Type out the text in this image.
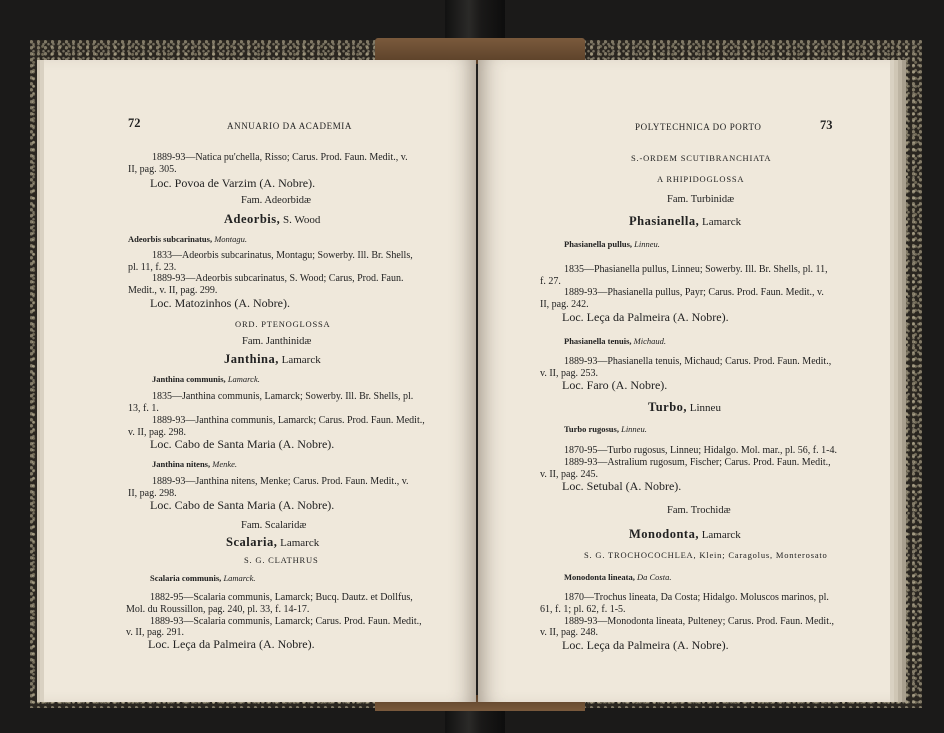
72	ANNUARIO DA ACADEMIA
1889-93—Natica pu'chella, Risso; Carus. Prod. Faun. Medit., v.
II, pag. 305.
Loc. Povoa de Varzim (A. Nobre).
Fam. Adeorbidæ
Adeorbis, S. Wood
Adeorbis subcarinatus, Montagu.
1833—Adeorbis subcarinatus, Montagu; Sowerby. Ill. Br. Shells,
pl. 11, f. 23.
1889-93—Adeorbis subcarinatus, S. Wood; Carus, Prod. Faun.
Medit., v. II, pag. 299.
Loc. Matozinhos (A. Nobre).
ORD. PTENOGLOSSA
Fam. Janthinidæ
Janthina, Lamarck
Janthina communis, Lamarck.
1835—Janthina communis, Lamarck; Sowerby. Ill. Br. Shells, pl.
13, f. 1.
1889-93—Janthina communis, Lamarck; Carus. Prod. Faun. Medit.,
v. II, pag. 298.
Loc. Cabo de Santa Maria (A. Nobre).
Janthina nitens, Menke.
1889-93—Janthina nitens, Menke; Carus. Prod. Faun. Medit., v.
II, pag. 298.
Loc. Cabo de Santa Maria (A. Nobre).
Fam. Scalaridæ
Scalaria, Lamarck
S. G. CLATHRUS
Scalaria communis, Lamarck.
1882-95—Scalaria communis, Lamarck; Bucq. Dautz. et Dollfus,
Mol. du Roussillon, pag. 240, pl. 33, f. 14-17.
1889-93—Scalaria communis, Lamarck; Carus. Prod. Faun. Medit.,
v. II, pag. 291.
Loc. Leça da Palmeira (A. Nobre).
POLYTECHNICA DO PORTO	73
S.-ORDEM SCUTIBRANCHIATA
A RHIPIDOGLOSSA
Fam. Turbinidæ
Phasianella, Lamarck
Phasianella pullus, Linneu.
1835—Phasianella pullus, Linneu; Sowerby. Ill. Br. Shells, pl. 11,
f. 27.
1889-93—Phasianella pullus, Payr; Carus. Prod. Faun. Medit., v.
II, pag. 242.
Loc. Leça da Palmeira (A. Nobre).
Phasianella tenuis, Michaud.
1889-93—Phasianella tenuis, Michaud; Carus. Prod. Faun. Medit.,
v. II, pag. 253.
Loc. Faro (A. Nobre).
Turbo, Linneu
Turbo rugosus, Linneu.
1870-95—Turbo rugosus, Linneu; Hidalgo. Mol. mar., pl. 56, f. 1-4.
1889-93—Astralium rugosum, Fischer; Carus. Prod. Faun. Medit.,
v. II, pag. 245.
Loc. Setubal (A. Nobre).
Fam. Trochidæ
Monodonta, Lamarck
S. G. TROCHOCOCHLEA, Klein; Caragolus, Monterosato
Monodonta lineata, Da Costa.
1870—Trochus lineata, Da Costa; Hidalgo. Moluscos marinos, pl.
61, f. 1; pl. 62, f. 1-5.
1889-93—Monodonta lineata, Pulteney; Carus. Prod. Faun. Medit.,
v. II, pag. 248.
Loc. Leça da Palmeira (A. Nobre).
